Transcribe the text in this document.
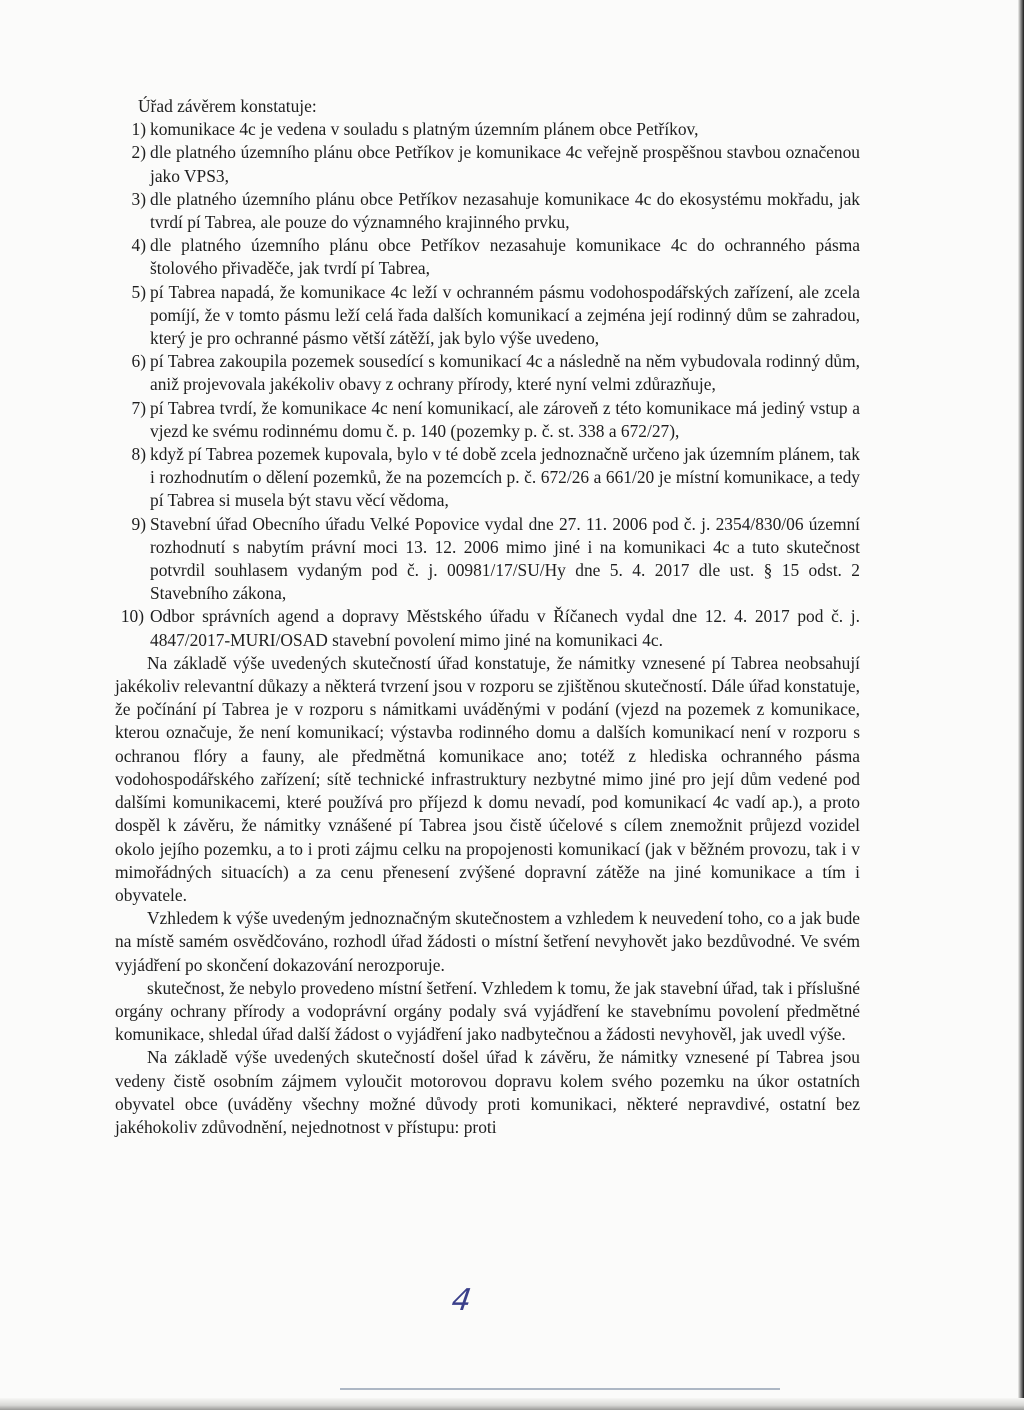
Úřad závěrem konstatuje:
1) komunikace 4c je vedena v souladu s platným územním plánem obce Petříkov,
2) dle platného územního plánu obce Petříkov je komunikace 4c veřejně prospěšnou stavbou označenou jako VPS3,
3) dle platného územního plánu obce Petříkov nezasahuje komunikace 4c do ekosystému mokřadu, jak tvrdí pí Tabrea, ale pouze do významného krajinného prvku,
4) dle platného územního plánu obce Petříkov nezasahuje komunikace 4c do ochranného pásma štolového přivaděče, jak tvrdí pí Tabrea,
5) pí Tabrea napadá, že komunikace 4c leží v ochranném pásmu vodohospodářských zařízení, ale zcela pomíjí, že v tomto pásmu leží celá řada dalších komunikací a zejména její rodinný dům se zahradou, který je pro ochranné pásmo větší zátěží, jak bylo výše uvedeno,
6) pí Tabrea zakoupila pozemek sousedící s komunikací 4c a následně na něm vybudovala rodinný dům, aniž projevovala jakékoliv obavy z ochrany přírody, které nyní velmi zdůrazňuje,
7) pí Tabrea tvrdí, že komunikace 4c není komunikací, ale zároveň z této komunikace má jediný vstup a vjezd ke svému rodinnému domu č. p. 140 (pozemky p. č. st. 338 a 672/27),
8) když pí Tabrea pozemek kupovala, bylo v té době zcela jednoznačně určeno jak územním plánem, tak i rozhodnutím o dělení pozemků, že na pozemcích p. č. 672/26 a 661/20 je místní komunikace, a tedy pí Tabrea si musela být stavu věcí vědoma,
9) Stavební úřad Obecního úřadu Velké Popovice vydal dne 27. 11. 2006 pod č. j. 2354/830/06 územní rozhodnutí s nabytím právní moci 13. 12. 2006 mimo jiné i na komunikaci 4c a tuto skutečnost potvrdil souhlasem vydaným pod č. j. 00981/17/SU/Hy dne 5. 4. 2017 dle ust. § 15 odst. 2 Stavebního zákona,
10) Odbor správních agend a dopravy Městského úřadu v Říčanech vydal dne 12. 4. 2017 pod č. j. 4847/2017-MURI/OSAD stavební povolení mimo jiné na komunikaci 4c.

Na základě výše uvedených skutečností úřad konstatuje, že námitky vznesené pí Tabrea neobsahují jakékoliv relevantní důkazy a některá tvrzení jsou v rozporu se zjištěnou skutečností. Dále úřad konstatuje, že počínání pí Tabrea je v rozporu s námitkami uváděnými v podání (vjezd na pozemek z komunikace, kterou označuje, že není komunikací; výstavba rodinného domu a dalších komunikací není v rozporu s ochranou flóry a fauny, ale předmětná komunikace ano; totéž z hlediska ochranného pásma vodohospodářského zařízení; sítě technické infrastruktury nezbytné mimo jiné pro její dům vedené pod dalšími komunikacemi, které používá pro příjezd k domu nevadí, pod komunikací 4c vadí ap.), a proto dospěl k závěru, že námitky vznášené pí Tabrea jsou čistě účelové s cílem znemožnit průjezd vozidel okolo jejího pozemku, a to i proti zájmu celku na propojenosti komunikací (jak v běžném provozu, tak i v mimořádných situacích) a za cenu přenesení zvýšené dopravní zátěže na jiné komunikace a tím i obyvatele.

Vzhledem k výše uvedeným jednoznačným skutečnostem a vzhledem k neuvedení toho, co a jak bude na místě samém osvědčováno, rozhodl úřad žádosti o místní šetření nevyhovět jako bezdůvodné. Ve svém vyjádření po skončení dokazování nerozporuje.

skutečnost, že nebylo provedeno místní šetření. Vzhledem k tomu, že jak stavební úřad, tak i příslušné orgány ochrany přírody a vodoprávní orgány podaly svá vyjádření ke stavebnímu povolení předmětné komunikace, shledal úřad další žádost o vyjádření jako nadbytečnou a žádosti nevyhověl, jak uvedl výše.

Na základě výše uvedených skutečností došel úřad k závěru, že námitky vznesené pí Tabrea jsou vedeny čistě osobním zájmem vyloučit motorovou dopravu kolem svého pozemku na úkor ostatních obyvatel obce (uváděny všechny možné důvody proti komunikaci, některé nepravdivé, ostatní bez jakéhokoliv zdůvodnění, nejednotnost v přístupu: proti

4
